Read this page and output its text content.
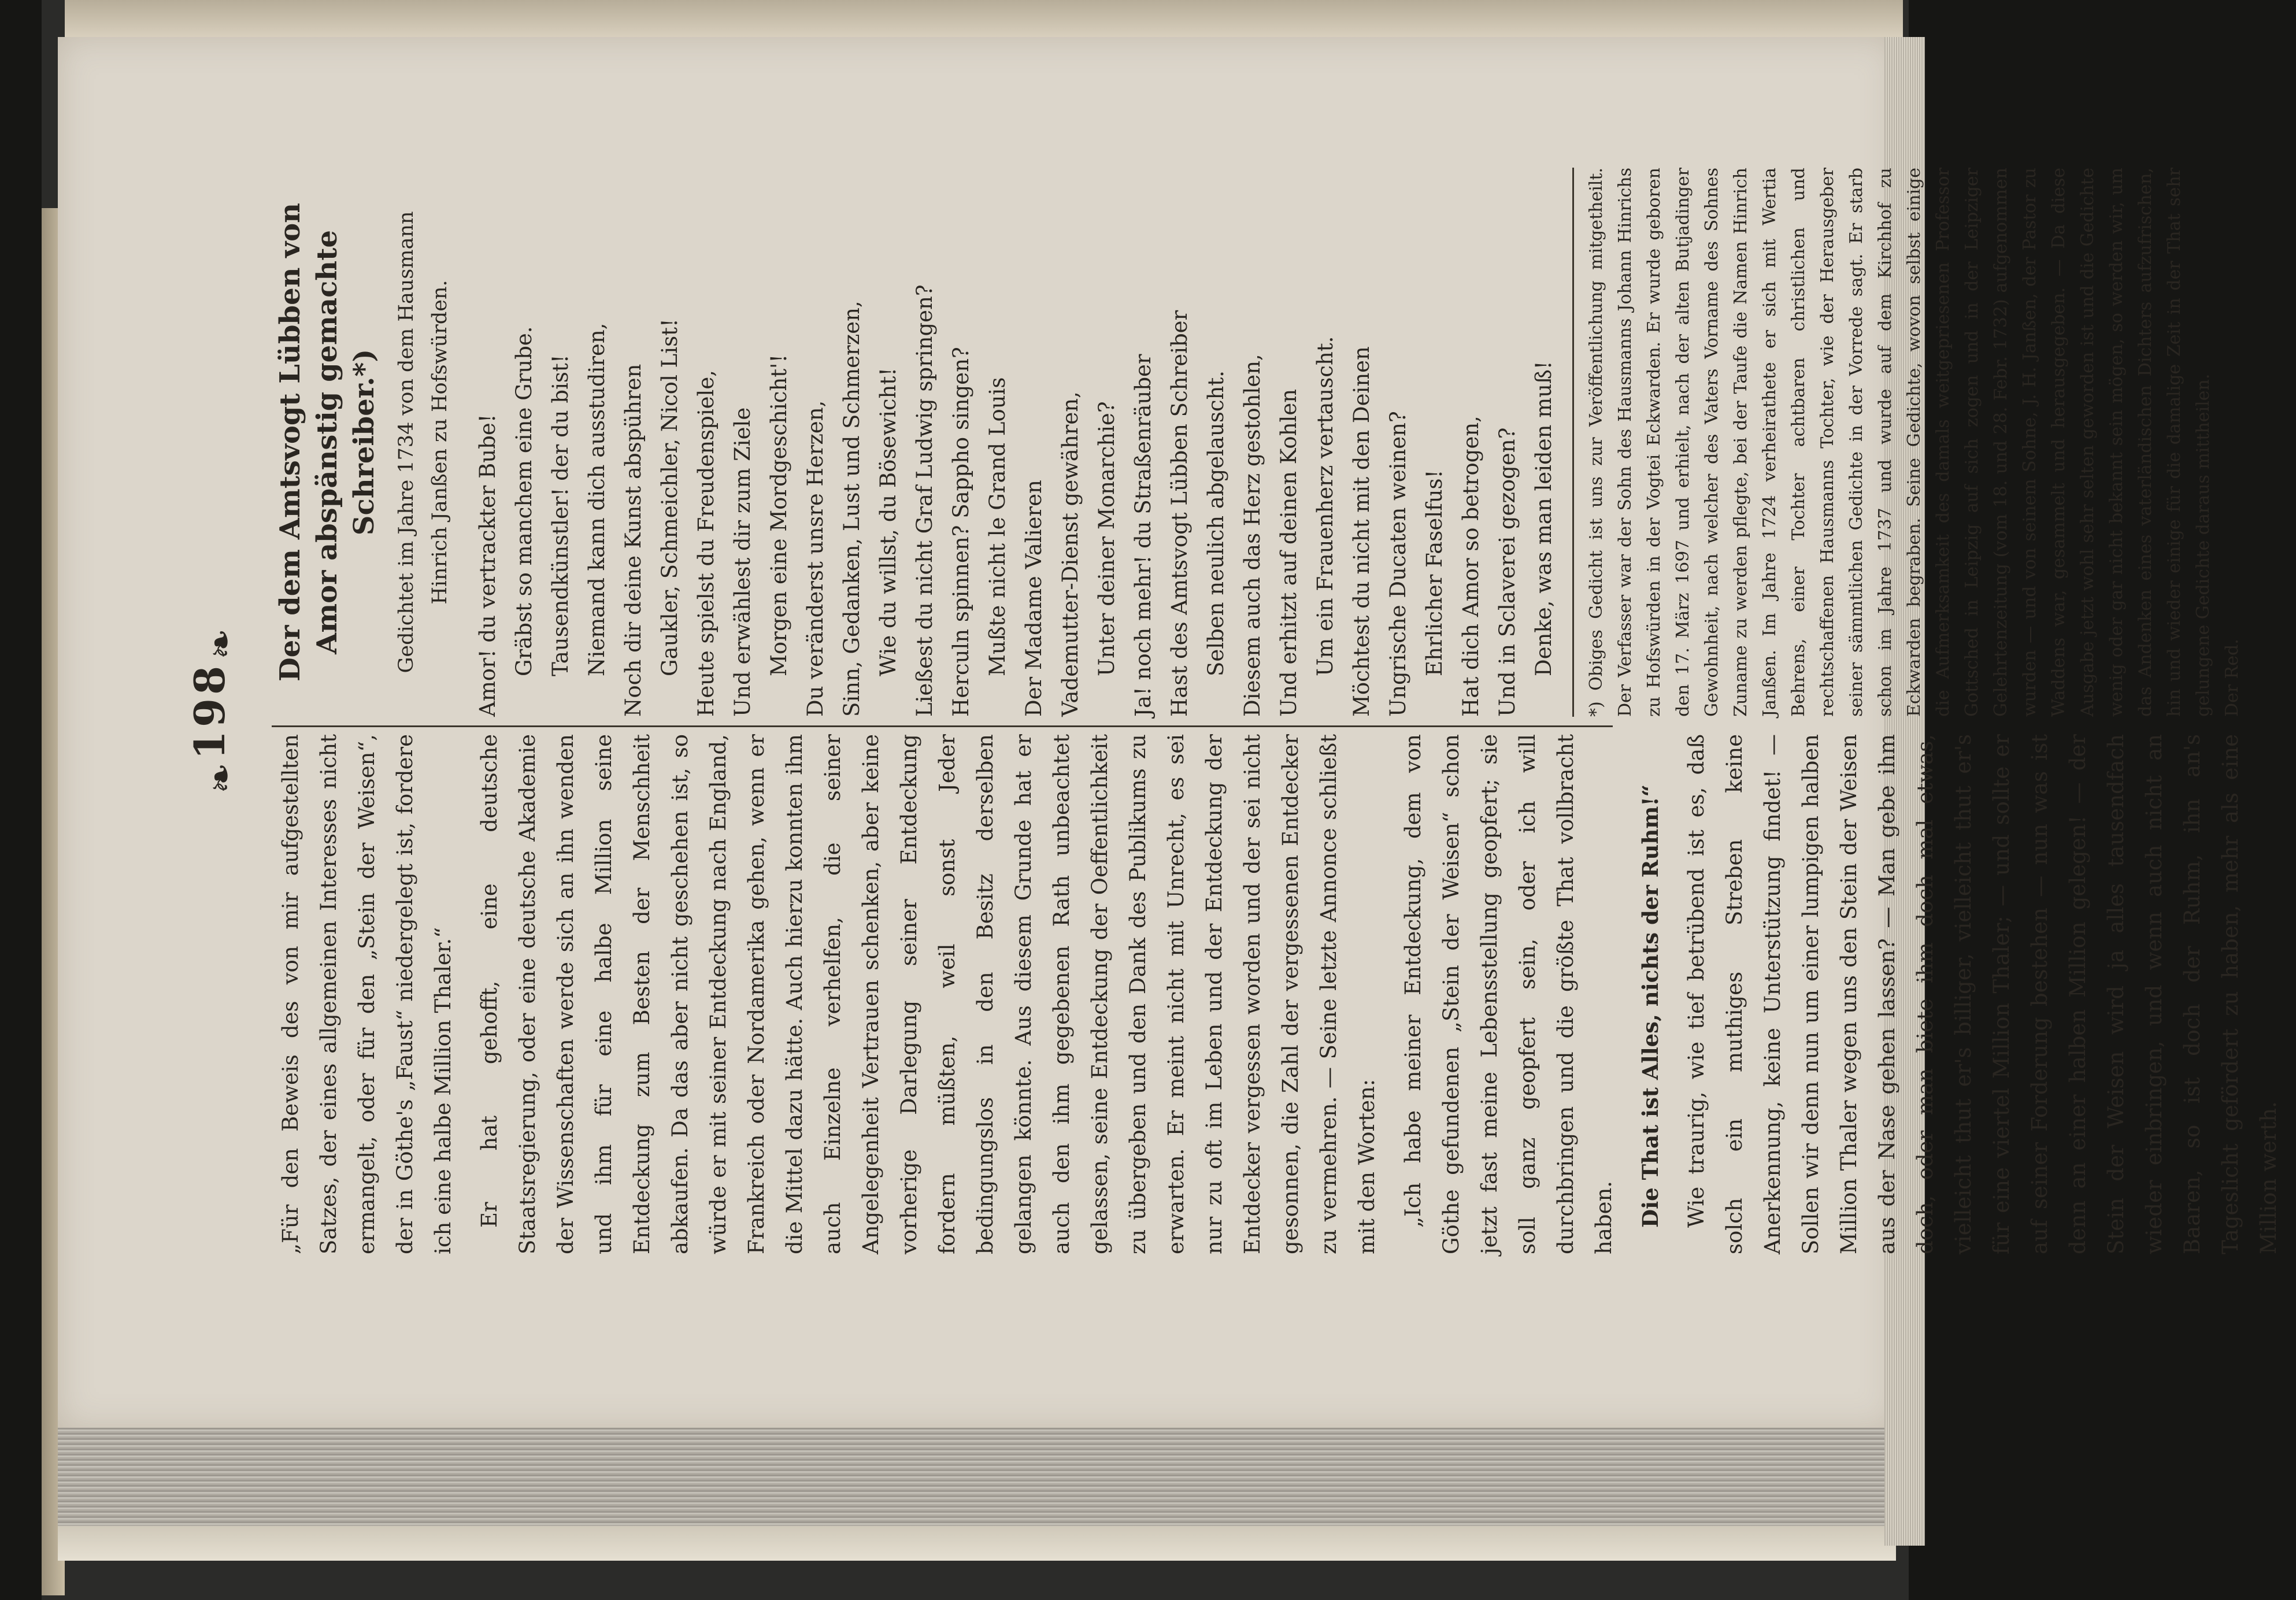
❧ 198 ❧

„Für den Beweis des von mir aufgestellten Satzes, der eines allgemeinen Interesses nicht ermangelt, oder für den „Stein der Weisen“, der in Göthe's „Faust“ niedergelegt ist, fordere ich eine halbe Million Thaler.“	Er hat gehofft, eine deutsche Staatsregierung, oder eine deutsche Akademie der Wissenschaften werde sich an ihn wenden und ihm für eine halbe Million seine Entdeckung zum Besten der Menschheit abkaufen. Da das aber nicht geschehen ist, so würde er mit seiner Entdeckung nach England, Frankreich oder Nordamerika gehen, wenn er die Mittel dazu hätte. Auch hierzu konnten ihm auch Einzelne verhelfen, die seiner Angelegenheit Vertrauen schenken, aber keine vorherige Darlegung seiner Entdeckung fordern müßten, weil sonst Jeder bedingungslos in den Besitz derselben gelangen könnte. Aus diesem Grunde hat er auch den ihm gegebenen Rath unbeachtet gelassen, seine Entdeckung der Oeffentlichkeit zu übergeben und den Dank des Publikums zu erwarten. Er meint nicht mit Unrecht, es sei nur zu oft im Leben und der Entdeckung der Entdecker vergessen worden und der sei nicht gesonnen, die Zahl der vergessenen Entdecker zu vermehren. — Seine letzte Annonce schließt mit den Worten:	„Ich habe meiner Entdeckung, dem von Göthe gefundenen „Stein der Weisen“ schon jetzt fast meine Lebensstellung geopfert; sie soll ganz geopfert sein, oder ich will durchbringen und die größte That vollbracht haben.	Die That ist Alles, nichts der Ruhm!“ Wie traurig, wie tief betrübend ist es, daß solch ein muthiges Streben keine Anerkennung, keine Unterstützung findet! — Sollen wir denn nun um einer lumpigen halben Million Thaler wegen uns den Stein der Weisen aus der Nase gehen lassen? — Man gebe ihm doch, oder man biete ihm doch mal etwas, vielleicht thut er's billiger, vielleicht thut er's für eine viertel Million Thaler; — und sollte er auf seiner Forderung bestehen — nun was ist denn an einer halben Million gelegen! — der Stein der Weisen wird ja alles tausendfach wieder einbringen, und wenn auch nicht an Baaren, so ist doch der Ruhm, ihn an's Tageslicht gefördert zu haben, mehr als eine Million werth.

Der dem Amtsvogt Lübben von Amor abspänstig gemachte Schreiber.*) Gedichtet im Jahre 1734 von dem Hausmann Hinrich Janßen zu Hofswürden. Amor! du vertrackter Bube! Gräbst so manchem eine Grube. Tausendkünstler! der du bist! Niemand kann dich ausstudiren, Noch dir deine Kunst abspühren Gaukler, Schmeichler, Nicol List! Heute spielst du Freudenspiele, Und erwählest dir zum Ziele Morgen eine Mordgeschicht'! Du veränderst unsre Herzen, Sinn, Gedanken, Lust und Schmerzen, Wie du willst, du Bösewicht! Ließest du nicht Graf Ludwig springen? Herculn spinnen? Sappho singen? Mußte nicht le Grand Louis Der Madame Valieren Vademutter-Dienst gewähren, Unter deiner Monarchie? Ja! noch mehr! du Straßenräuber Hast des Amtsvogt Lübben Schreiber Selben neulich abgelauscht. Diesem auch das Herz gestohlen, Und erhitzt auf deinen Kohlen Um ein Frauenherz vertauscht. Möchtest du nicht mit den Deinen Ungrische Ducaten weinen? Ehrlicher Faselfus! Hat dich Amor so betrogen, Und in Sclaverei gezogen? Denke, was man leiden muß!	*) Obiges Gedicht ist uns zur Veröffentlichung mitgetheilt. Der Verfasser war der Sohn des Hausmanns Johann Hinrichs zu Hofswürden in der Vogtei Eckwarden. Er wurde geboren den 17. März 1697 und erhielt, nach der alten Butjadinger Gewohnheit, nach welcher des Vaters Vorname des Sohnes Zuname zu werden pflegte, bei der Taufe die Namen Hinrich Janßen. Im Jahre 1724 verheirathete er sich mit Wertia Behrens, einer Tochter achtbaren christlichen und rechtschaffenen Hausmanns Tochter, wie der Herausgeber seiner sämmtlichen Gedichte in der Vorrede sagt. Er starb schon im Jahre 1737 und wurde auf dem Kirchhof zu Eckwarden begraben. Seine Gedichte, wovon selbst einige die Aufmerksamkeit des damals weitgepriesenen Professor Gottsched in Leipzig auf sich zogen und in der Leipziger Gelehrtenzeitung (vom 18. und 28. Febr. 1732) aufgenommen wurden — und von seinem Sohne, J. H. Janßen, der Pastor zu Waddens war, gesammelt und herausgegeben. — Da diese Ausgabe jetzt wohl sehr selten geworden ist und die Gedichte wenig oder gar nicht bekannt sein mögen, so werden wir, um das Andenken eines vaterländischen Dichters aufzufrischen, hin und wieder einige für die damalige Zeit in der That sehr gelungene Gedichte daraus mittheilen. Der Red.
